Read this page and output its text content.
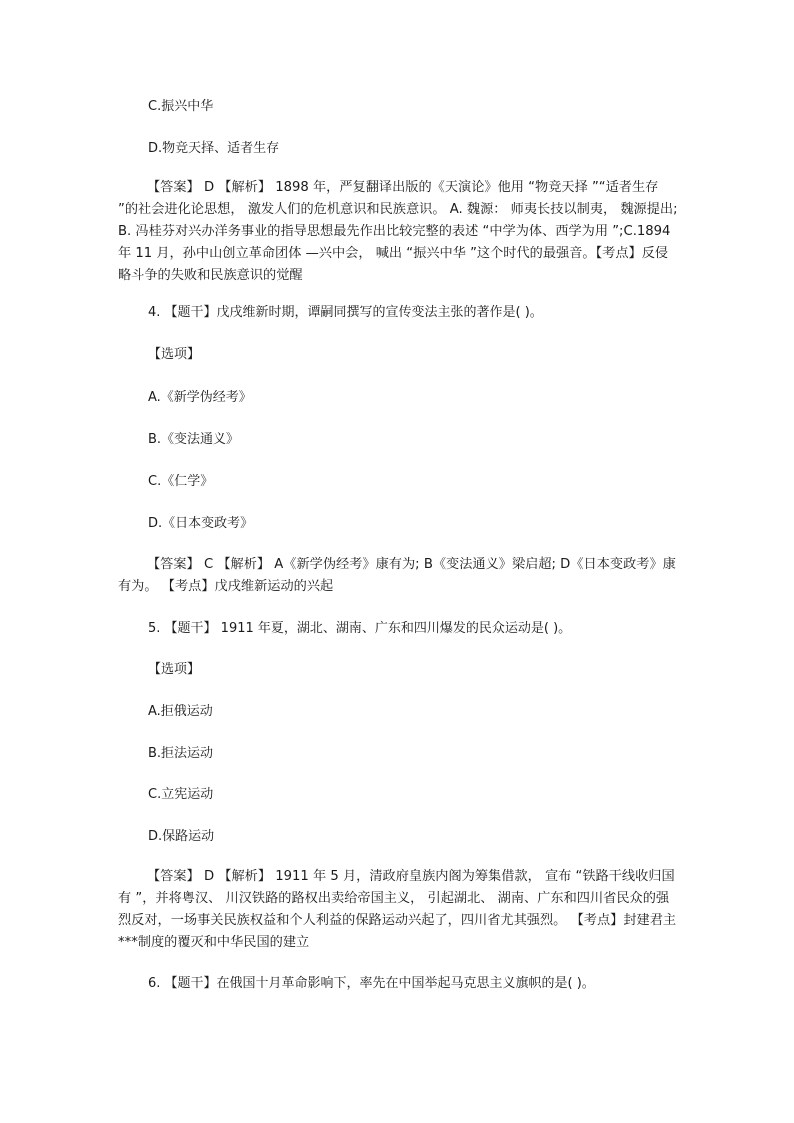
C.振兴中华
D.物竞天择、适者生存
【答案】 D 【解析】 1898 年，严复翻译出版的《天演论》他用 “物竞天择 ”“适者生存 ”的社会进化论思想， 激发人们的危机意识和民族意识。 A. 魏源： 师夷长技以制夷， 魏源提出; B. 冯桂芬对兴办洋务事业的指导思想最先作出比较完整的表述 “中学为体、西学为用 ”;C.1894 年 11 月，孙中山创立革命团体 —兴中会， 喊出 “振兴中华 ”这个时代的最强音。【考点】反侵略斗争的失败和民族意识的觉醒
4. 【题干】戊戌维新时期，谭嗣同撰写的宣传变法主张的著作是( )。
【选项】
A.《新学伪经考》
B.《变法通义》
C.《仁学》
D.《日本变政考》
【答案】 C 【解析】 A《新学伪经考》康有为; B《变法通义》梁启超; D《日本变政考》康有为。 【考点】戊戌维新运动的兴起
5. 【题干】 1911 年夏，湖北、湖南、广东和四川爆发的民众运动是( )。
【选项】
A.拒俄运动
B.拒法运动
C.立宪运动
D.保路运动
【答案】 D 【解析】 1911 年 5 月，清政府皇族内阁为筹集借款， 宣布 “铁路干线收归国有 ”，并将粤汉、 川汉铁路的路权出卖给帝国主义， 引起湖北、 湖南、广东和四川省民众的强烈反对，一场事关民族权益和个人利益的保路运动兴起了，四川省尤其强烈。 【考点】封建君主***制度的覆灭和中华民国的建立
6. 【题干】在俄国十月革命影响下，率先在中国举起马克思主义旗帜的是( )。
